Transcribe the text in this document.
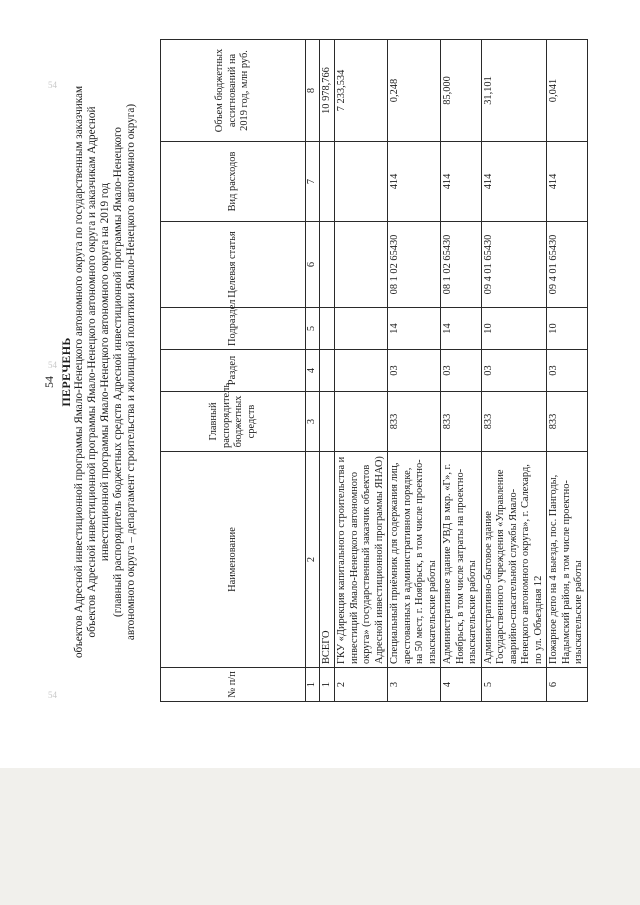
54 ПЕРЕЧЕНЬ объектов Адресной инвестиционной программы Ямало-Ненецкого автономного округа по государственным заказчикам объектов Адресной инвестиционной программы Ямало-Ненецкого автономного округа и заказчикам Адресной инвестиционной программы Ямало-Ненецкого автономного округа на 2019 год (главный распорядитель бюджетных средств Адресной инвестиционной программы Ямало-Ненецкого автономного округа – департамент строительства и жилищной политики Ямало-Ненецкого автономного округа)
№ п/п	Наименование	Главный распорядитель бюджетных средств	Раздел	Подраздел	Целевая статья	Вид расходов	Объем бюджетных ассигнований на 2019 год, млн руб.
1	2	3	4	5	6	7	8
1	ВСЕГО						10 978,766
2	ГКУ «Дирекция капитального строительства и инвестиций Ямало-Ненецкого автономного округа» (государственный заказчик объектов Адресной инвестиционной программы ЯНАО)						7 233,534
3	Специальный приёмник для содержания лиц, арестованных в административном порядке, на 50 мест, г. Ноябрьск, в том числе проектно-изыскательские работы	833	03	14	08 1 02 65430	414	0,248
4	Административное здание УВД в мкр. «Г», г. Ноябрьск, в том числе затраты на проектно-изыскательские работы	833	03	14	08 1 02 65430	414	85,000
5	Административно-бытовое здание Государственного учреждения «Управление аварийно-спасательной службы Ямало-Ненецкого автономного округа», г. Салехард, по ул. Объездная 12	833	03	10	09 4 01 65430	414	31,101
6	Пожарное депо на 4 выезда, пос. Пангоды, Надымский район, в том числе проектно-изыскательские работы	833	03	10	09 4 01 65430	414	0,041
54
54
54
